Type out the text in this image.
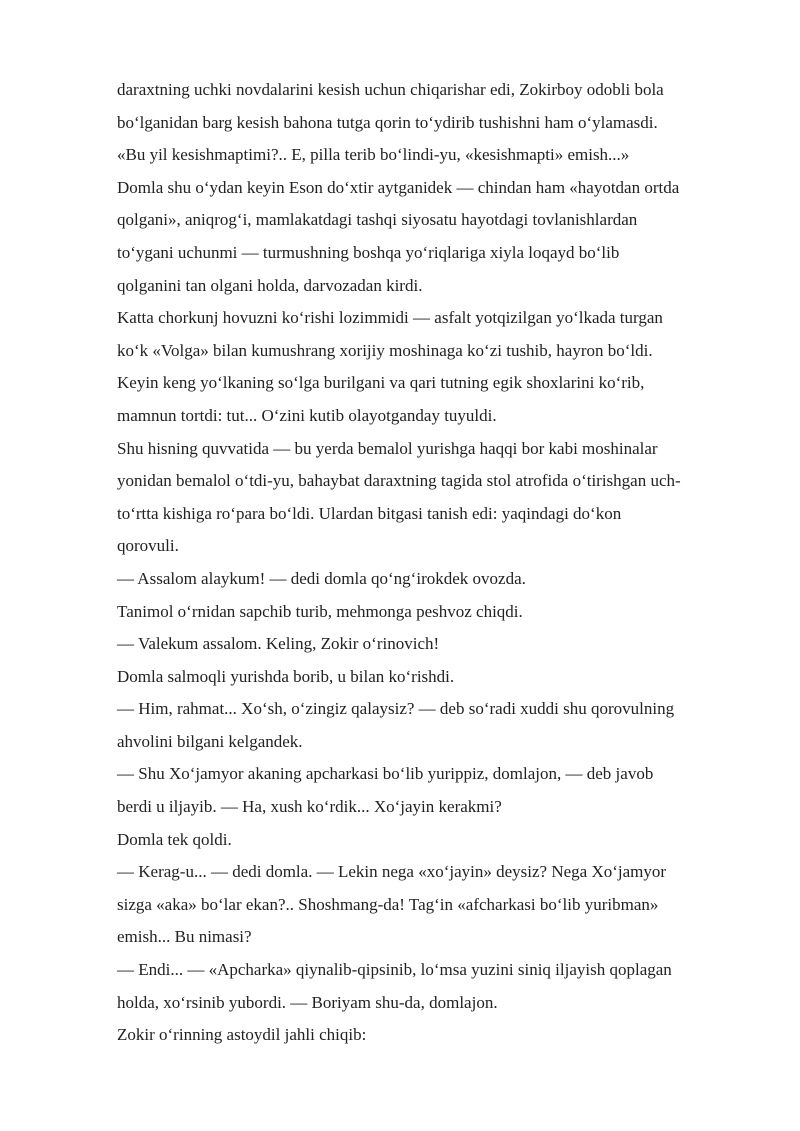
daraxtning uchki novdalarini kesish uchun chiqarishar edi, Zokirboy odobli bola
bo‘lganidan barg kesish bahona tutga qorin to‘ydirib tushishni ham o‘ylamasdi.
«Bu yil kesishmaptimi?.. E, pilla terib bo‘lindi-yu, «kesishmapti» emish...»
Domla shu o‘ydan keyin Eson do‘xtir aytganidek — chindan ham «hayotdan ortda
qolgani», aniqrog‘i, mamlakatdagi tashqi siyosatu hayotdagi tovlanishlardan
to‘ygani uchunmi — turmushning boshqa yo‘riqlariga xiyla loqayd bo‘lib
qolganini tan olgani holda, darvozadan kirdi.
Katta chorkunj hovuzni ko‘rishi lozimmidi — asfalt yotqizilgan yo‘lkada turgan
ko‘k «Volga» bilan kumushrang xorijiy moshinaga ko‘zi tushib, hayron bo‘ldi.
Keyin keng yo‘lkaning so‘lga burilgani va qari tutning egik shoxlarini ko‘rib,
mamnun tortdi: tut... O‘zini kutib olayotganday tuyuldi.
Shu hisning quvvatida — bu yerda bemalol yurishga haqqi bor kabi moshinalar
yonidan bemalol o‘tdi-yu, bahaybat daraxtning tagida stol atrofida o‘tirishgan uch-
to‘rtta kishiga ro‘para bo‘ldi. Ulardan bitgasi tanish edi: yaqindagi do‘kon
qorovuli.
— Assalom alaykum! — dedi domla qo‘ng‘irokdek ovozda.
Tanimol o‘rnidan sapchib turib, mehmonga peshvoz chiqdi.
— Valekum assalom. Keling, Zokir o‘rinovich!
Domla salmoqli yurishda borib, u bilan ko‘rishdi.
— Him, rahmat... Xo‘sh, o‘zingiz qalaysiz? — deb so‘radi xuddi shu qorovulning
ahvolini bilgani kelgandek.
— Shu Xo‘jamyor akaning apcharkasi bo‘lib yurippiz, domlajon, — deb javob
berdi u iljayib. — Ha, xush ko‘rdik... Xo‘jayin kerakmi?
Domla tek qoldi.
— Kerag-u... — dedi domla. — Lekin nega «xo‘jayin» deysiz? Nega Xo‘jamyor
sizga «aka» bo‘lar ekan?.. Shoshmang-da! Tag‘in «afcharkasi bo‘lib yuribman»
emish... Bu nimasi?
— Endi... — «Apcharka» qiynalib-qipsinib, lo‘msa yuzini siniq iljayish qoplagan
holda, xo‘rsinib yubordi. — Boriyam shu-da, domlajon.
Zokir o‘rinning astoydil jahli chiqib:
